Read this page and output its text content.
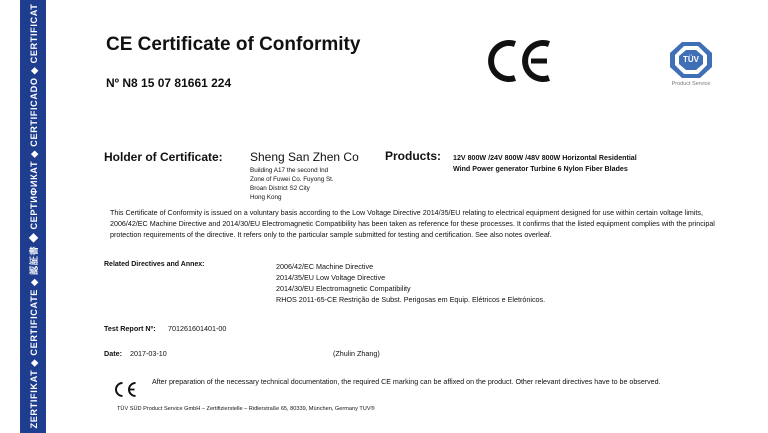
ZERTIFIKAT ◆ CERTIFICATE ◆ 認証書 ◆ СЕРТИФИКАТ ◆ CERTIFICADO ◆ CERTIFICAT	CE Certificate of Conformity
Nº N8 15 07 81661 224
TÜV
Product Service
Holder of Certificate: Sheng San Zhen Co
Building A17 the second Ind
Zone of Fuwei Co. Fuyong St.
Broan District S2 City
Hong Kong
Products: 12V 800W /24V 800W /48V 800W Horizontal Residential
Wind Power generator Turbine 6 Nylon Fiber Blades
This Certificate of Conformity is issued on a voluntary basis according to the Low Voltage Directive 2014/35/EU relating to electrical equipment designed for use within certain voltage limits, 2006/42/EC Machine Directive and 2014/30/EU Electromagnetic Compatibility has been taken as reference for these processes. It confirms that the listed equipment complies with the principal protection requirements of the directive. It refers only to the particular sample submitted for testing and certification. See also notes overleaf.
Related Directives and Annex:	2006/42/EC Machine Directive
2014/35/EU Low Voltage Directive
2014/30/EU Electromagnetic Compatibility
RHOS 2011-65-CE Restrição de Subst. Perigosas em Equip. Elétricos e Eletrónicos.
Test Report Nº: 701261601401-00
Date: 2017-03-10	(Zhulin Zhang)
After preparation of the necessary technical documentation, the required CE marking can be affixed on the product. Other relevant directives have to be observed.
TÜV SÜD Product Service GmbH – Zertifizierstelle – Ridlerstraße 65, 80339, München, Germany TUV®
